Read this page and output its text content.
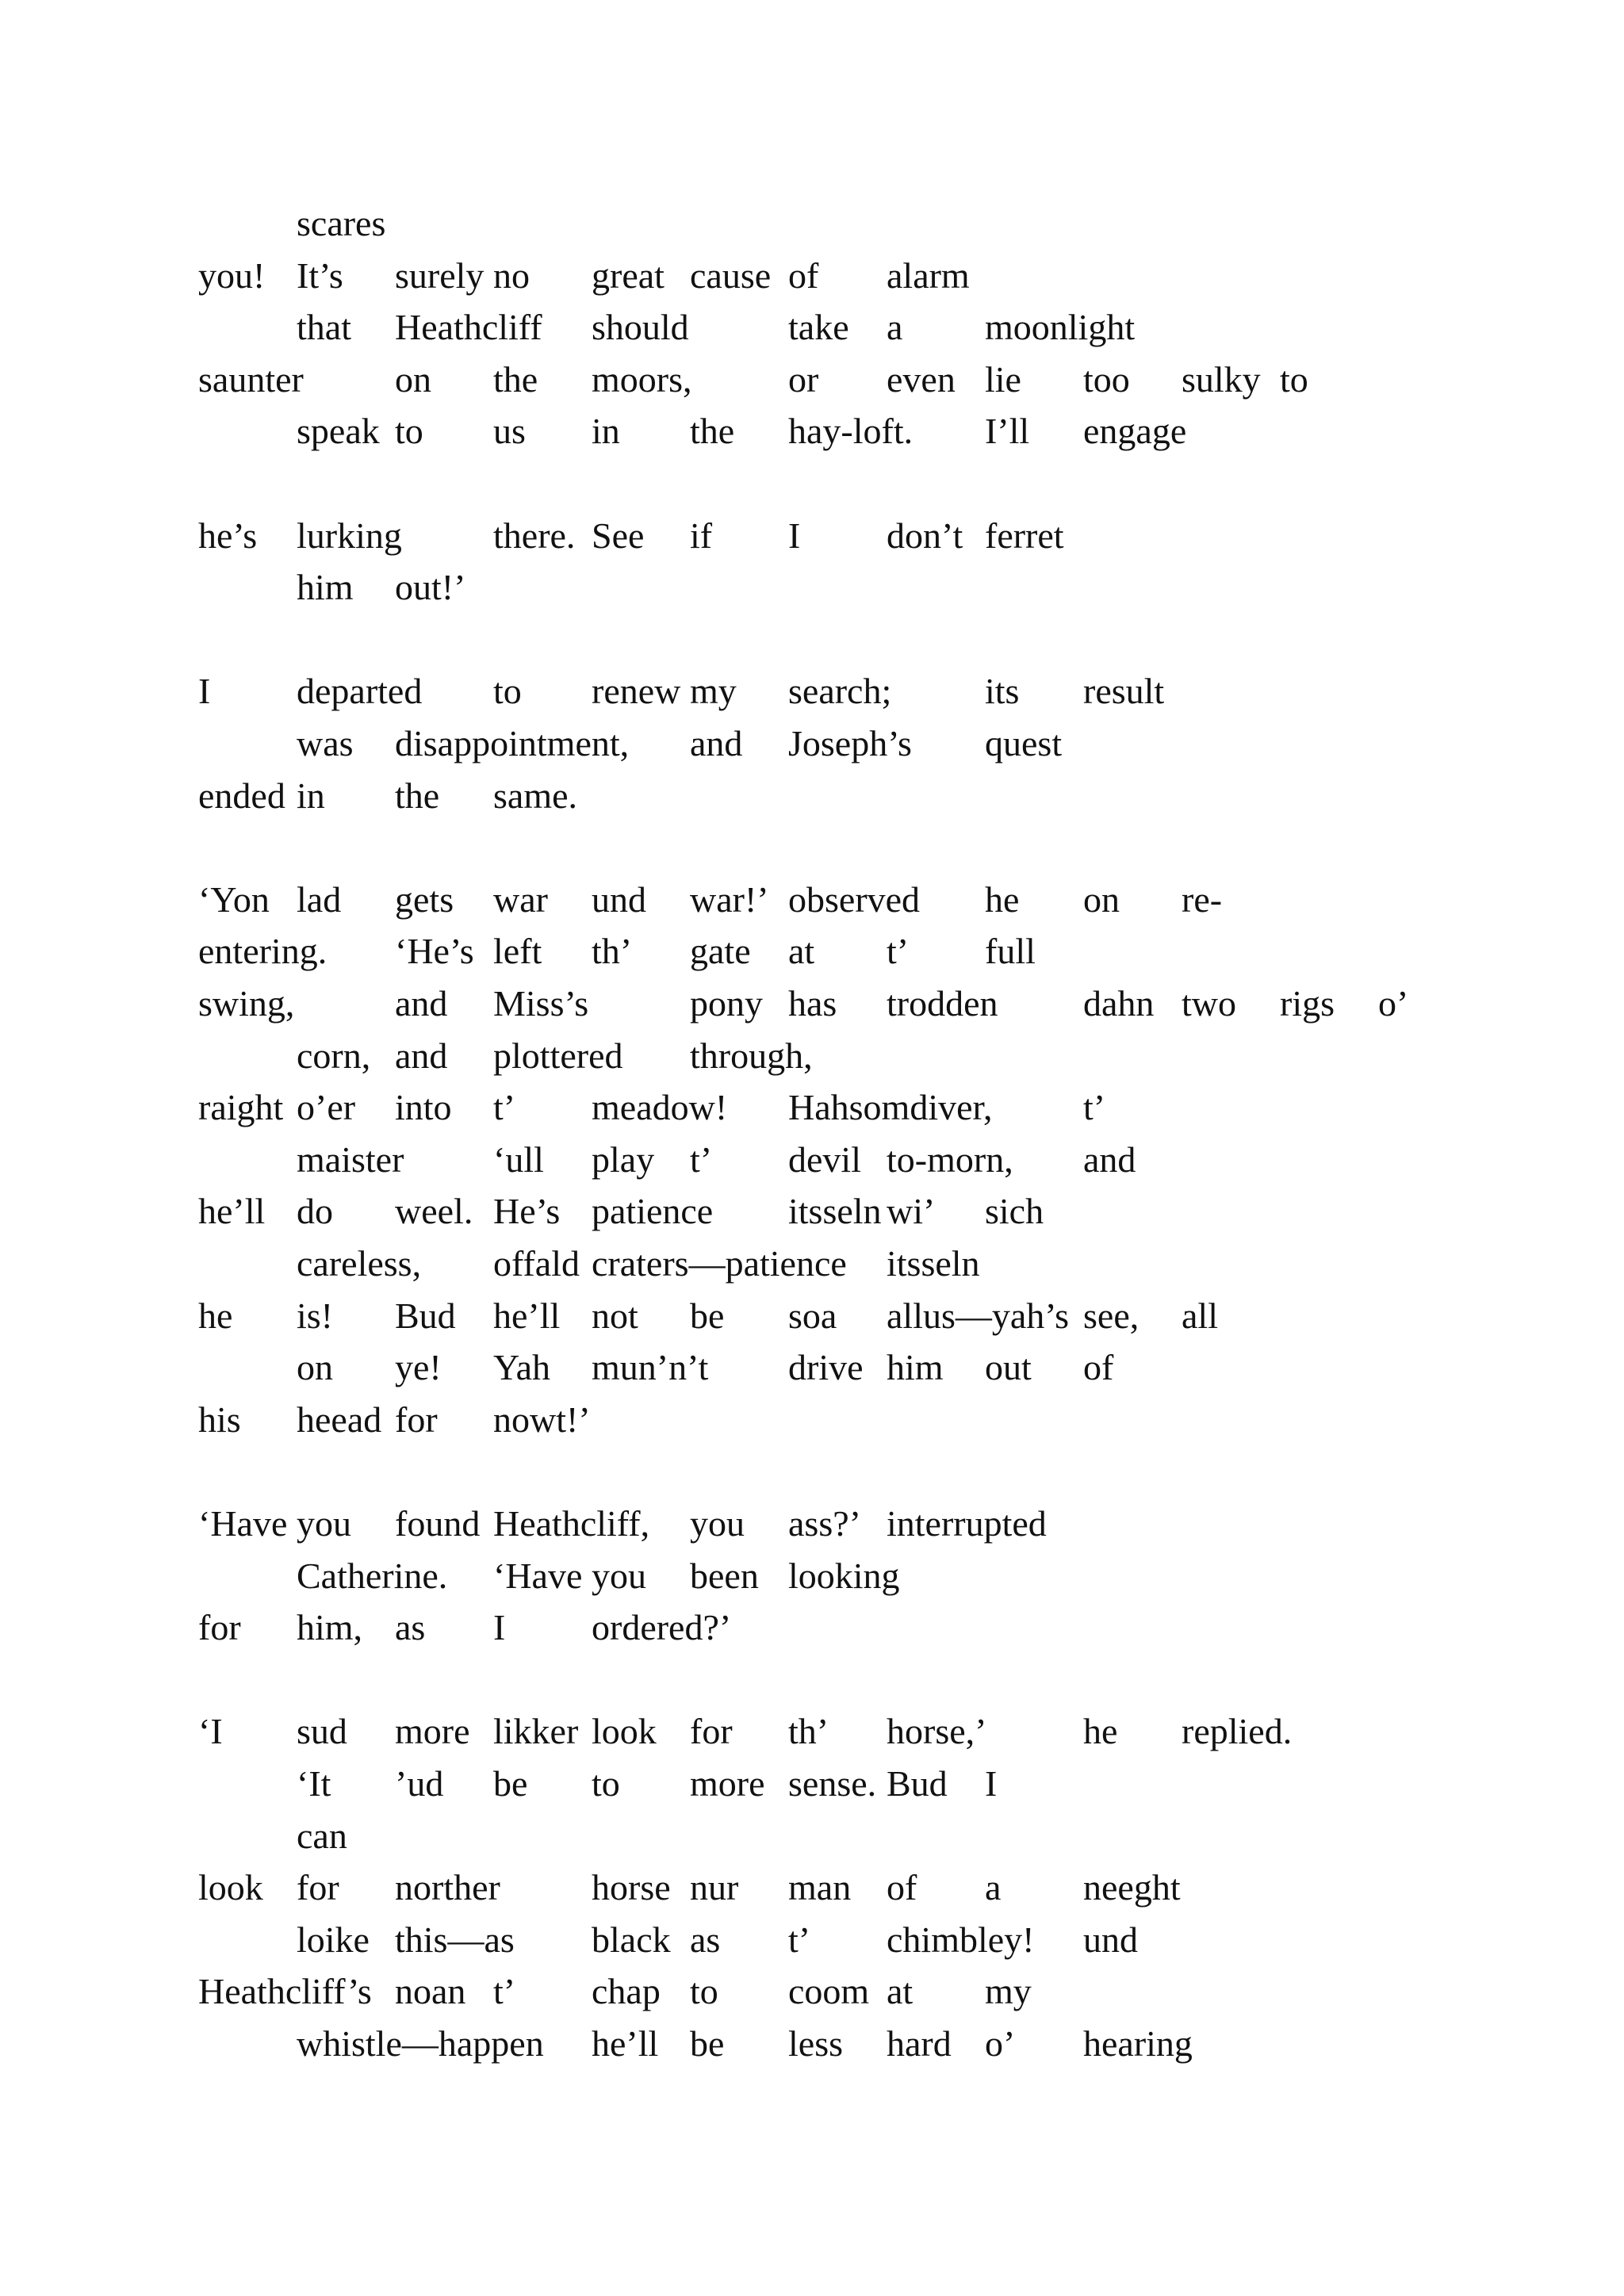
scares
you! It’s surely no great cause of alarm
that Heathcliff should	take a moonlight
saunter	on the moors,	or even lie too sulky to
speak to us in the hay-loft. I’ll engage
he’s lurking	there. See if I don’t ferret
him out!’
I departed to renew my search;	its result
was disappointment, and Joseph’s quest
ended in the same.
‘Yon lad gets war und war!’ observed he on re-
entering. ‘He’s left th’ gate at t’ full
swing,	and Miss’s	pony has trodden dahn two rigs o’
corn, and plottered through,
raight o’er into t’ meadow! Hahsomdiver, t’
maister ‘ull play t’ devil to-morn, and
he’ll do weel. He’s patience itsseln wi’ sich
careless, offald craters—patience itsseln
he is! Bud he’ll not be soa allus—yah’s see, all
on ye! Yah mun’n’t drive him out of
his heead for nowt!’
‘Have you found Heathcliff, you ass?’ interrupted
Catherine. ‘Have you been looking
for him, as I ordered?’
‘I sud more likker look for th’ horse,’	he replied.
‘It ’ud be to more sense. Bud I
can
look for norther	horse nur man of a neeght
loike this—as black as t’ chimbley! und
Heathcliff’s noan t’ chap to coom at my
whistle—happen he’ll be less hard o’ hearing
